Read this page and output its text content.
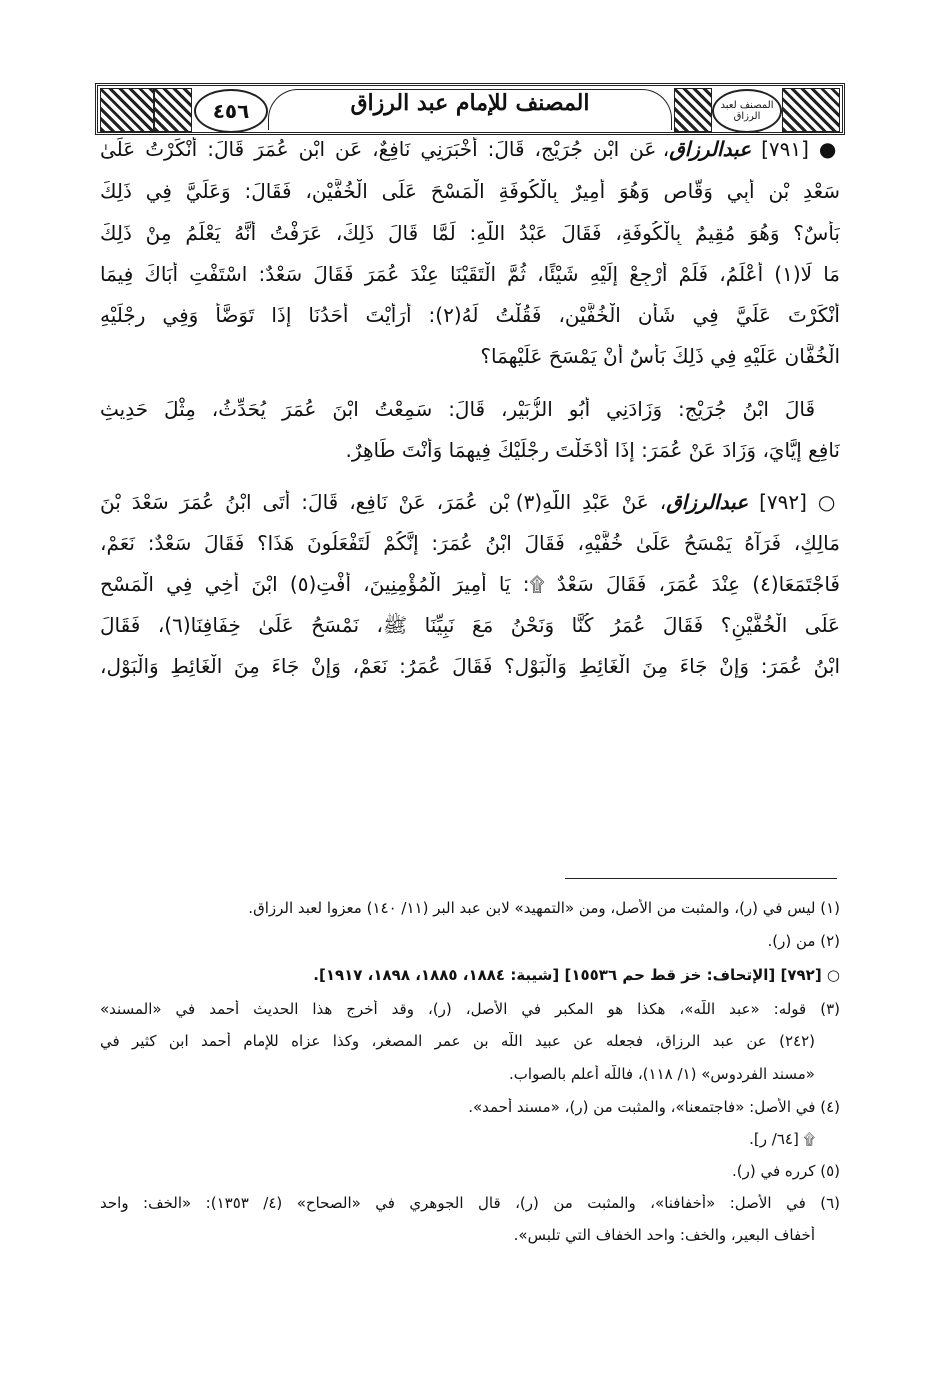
٤٥٦	المصنف للإمام عبد الرزاق	المصنف لعبد الرزاق
● [٧٩١] عبدالرزاق، عَنِ ابْنِ جُرَيْجٍ، قَالَ: أَخْبَرَنِي نَافِعٌ، عَنِ ابْنِ عُمَرَ قَالَ: أَنْكَرْتُ عَلَىٰ
سَعْدِ بْنِ أَبِي وَقَّاصٍ وَهُوَ أَمِيرٌ بِالْكُوفَةِ الْمَسْحَ عَلَى الْخُفَّيْنِ، فَقَالَ: وَعَلَيَّ فِي ذَلِكَ
بَأْسٌ؟ وَهُوَ مُقِيمٌ بِالْكُوفَةِ، فَقَالَ عَبْدُ اللَّهِ: لَمَّا قَالَ ذَلِكَ، عَرَفْتُ أَنَّهُ يَعْلَمُ مِنْ ذَلِكَ
مَا لَا(١) أَعْلَمُ، فَلَمْ أُرْجِعْ إِلَيْهِ شَيْئًا، ثُمَّ الْتَقَيْنَا عِنْدَ عُمَرَ فَقَالَ سَعْدٌ: اسْتَفْتِ أَبَاكَ فِيمَا
أَنْكَرْتَ عَلَيَّ فِي شَأْنِ الْخُفَّيْنِ، فَقُلْتُ لَهُ(٢): أَرَأَيْتَ أَحَدُنَا إِذَا تَوَضَّأَ وَفِي رِجْلَيْهِ
الْخُفَّانِ عَلَيْهِ فِي ذَلِكَ بَأْسٌ أَنْ يَمْسَحَ عَلَيْهِمَا؟
قَالَ ابْنُ جُرَيْجٍ: وَزَادَنِي أَبُو الزُّبَيْرِ، قَالَ: سَمِعْتُ ابْنَ عُمَرَ يُحَدِّثُ، مِثْلَ حَدِيثِ
نَافِعٍ إِيَّايَ، وَزَادَ عَنْ عُمَرَ: إِذَا أَدْخَلْتَ رِجْلَيْكَ فِيهِمَا وَأَنْتَ طَاهِرٌ.
○ [٧٩٢] عبدالرزاق، عَنْ عَبْدِ اللَّهِ(٣) بْنِ عُمَرَ، عَنْ نَافِعٍ، قَالَ: أَتَى ابْنُ عُمَرَ سَعْدَ بْنَ
مَالِكٍ، فَرَآهُ يَمْسَحُ عَلَىٰ خُفَّيْهِ، فَقَالَ ابْنُ عُمَرَ: إِنَّكُمْ لَتَفْعَلُونَ هَذَا؟ فَقَالَ سَعْدٌ: نَعَمْ،
فَاجْتَمَعَا(٤) عِنْدَ عُمَرَ، فَقَالَ سَعْدٌ ۩: يَا أَمِيرَ الْمُؤْمِنِينَ، أَفْتِ(٥) ابْنَ أَخِي فِي الْمَسْحِ
عَلَى الْخُفَّيْنِ؟ فَقَالَ عُمَرُ كُنَّا وَنَحْنُ مَعَ نَبِيِّنَا ﷺ، نَمْسَحُ عَلَىٰ خِفَافِنَا(٦)، فَقَالَ
ابْنُ عُمَرَ: وَإِنْ جَاءَ مِنَ الْغَائِطِ وَالْبَوْلِ؟ فَقَالَ عُمَرُ: نَعَمْ، وَإِنْ جَاءَ مِنَ الْغَائِطِ وَالْبَوْلِ،
(١) ليس في (ر)، والمثبت من الأصل، ومن «التمهيد» لابن عبد البر (١١/ ١٤٠) معزوا لعبد الرزاق.
(٢) من (ر).
○ [٧٩٢] [الإتحاف: خز قط حم ١٥٥٣٦] [شيبة: ١٨٨٤، ١٨٨٥، ١٨٩٨، ١٩١٧].
(٣) قوله: «عبد اللّه»، هكذا هو المكبر في الأصل، (ر)، وقد أخرج هذا الحديث أحمد في «المسند»
(٢٤٢) عن عبد الرزاق، فجعله عن عبيد اللّه بن عمر المصغر، وكذا عزاه للإمام أحمد ابن كثير في
«مسند الفردوس» (١/ ١١٨)، فاللّه أعلم بالصواب.
(٤) في الأصل: «فاجتمعنا»، والمثبت من (ر)، «مسند أحمد».
۩ [٦٤/ ر].
(٥) كرره في (ر).
(٦) في الأصل: «أخفافنا»، والمثبت من (ر)، قال الجوهري في «الصحاح» (٤/ ١٣٥٣): «الخف: واحد
أخفاف البعير، والخف: واحد الخفاف التي تلبس».
